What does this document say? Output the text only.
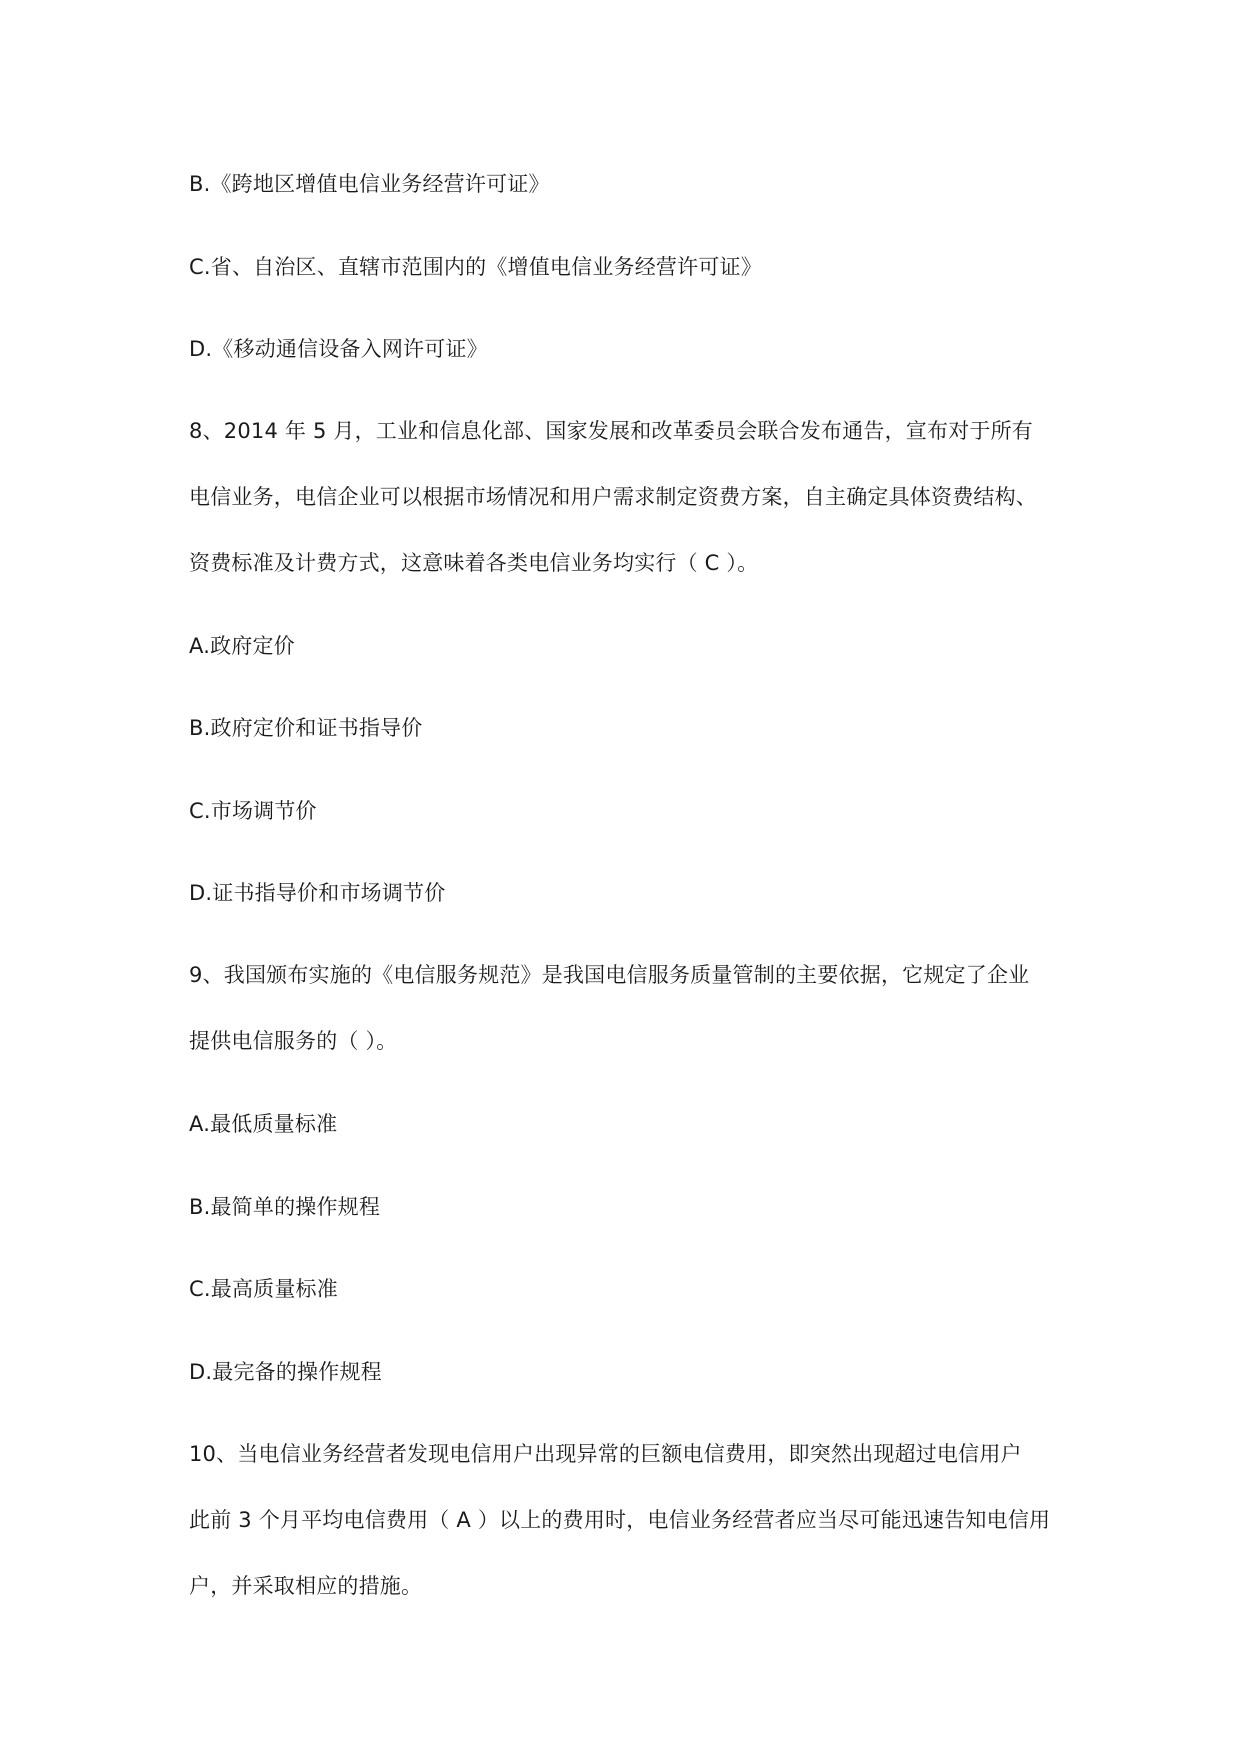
B.《跨地区增值电信业务经营许可证》
C.省、自治区、直辖市范围内的《增值电信业务经营许可证》
D.《移动通信设备入网许可证》
8、2014 年 5 月，工业和信息化部、国家发展和改革委员会联合发布通告，宣布对于所有
电信业务，电信企业可以根据市场情况和用户需求制定资费方案，自主确定具体资费结构、
资费标准及计费方式，这意味着各类电信业务均实行（ C ）。
A.政府定价
B.政府定价和证书指导价
C.市场调节价
D.证书指导价和市场调节价
9、我国颁布实施的《电信服务规范》是我国电信服务质量管制的主要依据，它规定了企业
提供电信服务的（ ）。
A.最低质量标准
B.最简单的操作规程
C.最高质量标准
D.最完备的操作规程
10、当电信业务经营者发现电信用户出现异常的巨额电信费用，即突然出现超过电信用户
此前 3 个月平均电信费用（ A ）以上的费用时，电信业务经营者应当尽可能迅速告知电信用
户，并采取相应的措施。
